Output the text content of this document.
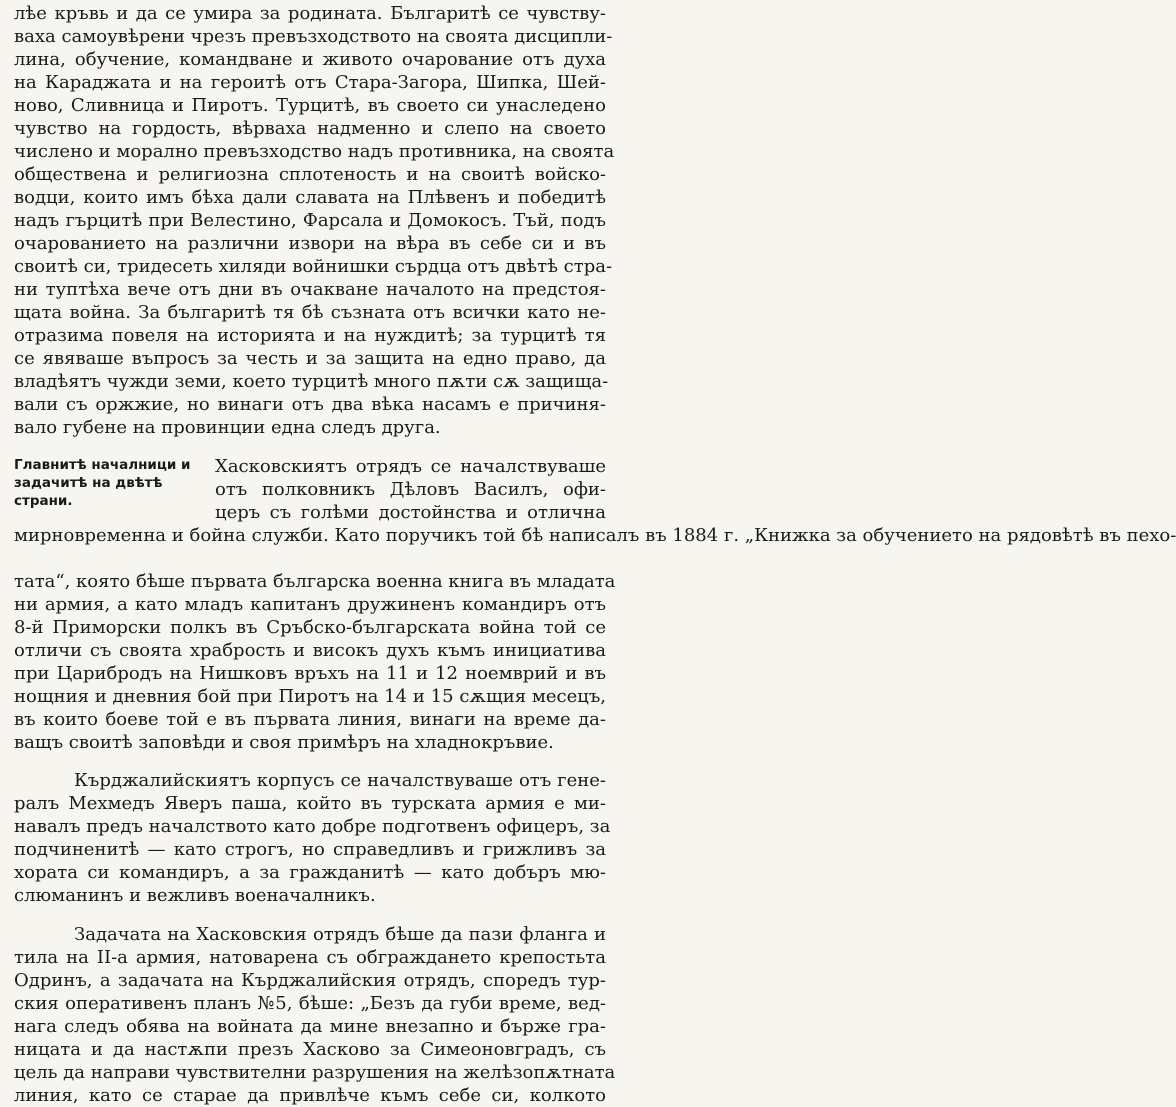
лѣе кръвь и да се умира за родината. Българитѣ се чувству-
ваха самоувѣрени чрезъ превъзходството на своята дисципли-
лина, обучение, командване и живото очарование отъ духа
на Караджата и на героитѣ отъ Стара-Загора, Шипка, Шей-
ново, Сливница и Пиротъ. Турцитѣ, въ своето си унаследено
чувство на гордость, вѣрваха надменно и слепо на своето
числено и морално превъзходство надъ противника, на своята
обществена и религиозна сплотеность и на своитѣ войско-
водци, които имъ бѣха дали славата на Плѣвенъ и победитѣ
надъ гърцитѣ при Велестино, Фарсала и Домокосъ. Тъй, подъ
очарованието на различни извори на вѣра въ себе си и въ
своитѣ си, тридесеть хиляди войнишки сърдца отъ двѣтѣ стра-
ни туптѣха вече отъ дни въ очакване началото на предстоя-
щата война. За българитѣ тя бѣ съзната отъ всички като не-
отразима повеля на историята и на нуждитѣ; за турцитѣ тя
се явяваше въпросъ за честь и за защита на едно право, да
владѣятъ чужди земи, което турцитѣ много пѫти сѫ защища-
вали съ оржжие, но винаги отъ два вѣка насамъ е причиня-
вало губене на провинции една следъ друга.
Главнитѣ началници и
задачитѣ на двѣтѣ
страни.
Хасковскиятъ отрядъ се началствуваше
отъ полковникъ Дѣловъ Василъ, офи-
церъ съ голѣми достойнства и отлична
мирновременна и бойна служби. Като поручикъ той бѣ написалъ въ 1884 г. „Книжка за обучението на рядовѣтѣ въ пехо-
тата“, която бѣше първата българска военна книга въ младата
ни армия, а като младъ капитанъ дружиненъ командиръ отъ
8-й Приморски полкъ въ Сръбско-българската война той се
отличи съ своята храбрость и високъ духъ къмъ инициатива
при Царибродъ на Нишковъ връхъ на 11 и 12 ноемврий и въ
нощния и дневния бой при Пиротъ на 14 и 15 сѫщия месецъ,
въ които боеве той е въ първата линия, винаги на време да-
ващъ своитѣ заповѣди и своя примѣръ на хладнокръвие.
Кърджалийскиятъ корпусъ се началствуваше отъ гене-
ралъ Мехмедъ Яверъ паша, който въ турската армия е ми-
навалъ предъ началството като добре подготвенъ офицеръ, за
подчиненитѣ — като строгъ, но справедливъ и грижливъ за
хората си командиръ, а за гражданитѣ — като добъръ мю-
слюманинъ и вежливъ военачалникъ.
Задачата на Хасковския отрядъ бѣше да пази фланга и
тила на II-а армия, натоварена съ обграждането крепостьта
Одринъ, а задачата на Кърджалийския отрядъ, споредъ тур-
ския оперативенъ планъ №5, бѣше: „Безъ да губи време, вед-
нага следъ обява на войната да мине внезапно и бърже гра-
ницата и да настѫпи презъ Хасково за Симеоновградъ, съ
цель да направи чувствителни разрушения на желѣзопѫтната
линия, като се старае да привлѣче къмъ себе си, колкото
